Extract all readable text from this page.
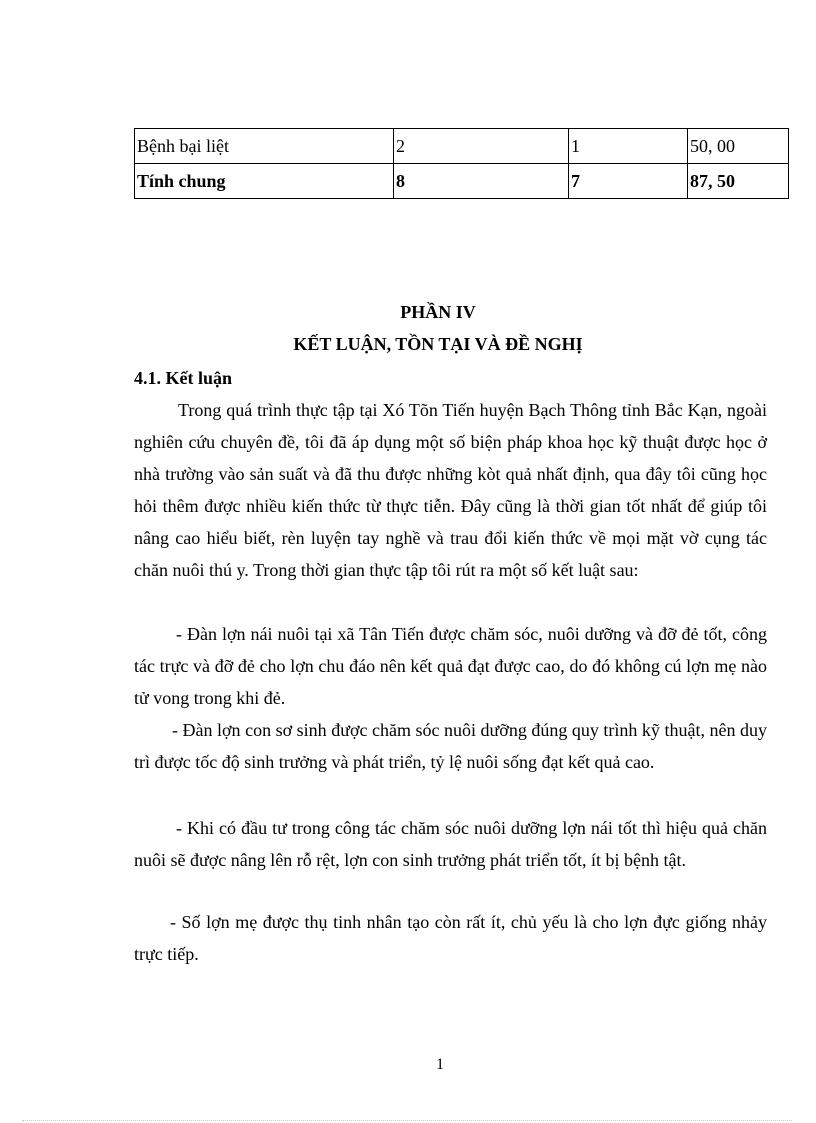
Bệnh bại liệt	2	1	50, 00
Tính chung	8	7	87, 50
PHẦN IV
KẾT LUẬN, TỒN TẠI VÀ ĐỀ NGHỊ
4.1. Kết luận
Trong quá trình thực tập tại Xó Tõn Tiến huyện Bạch Thông tỉnh Bắc Kạn, ngoài nghiên cứu chuyên đề, tôi đã áp dụng một số biện pháp khoa học kỹ thuật được học ở nhà trường vào sản suất và đã thu được những kòt quả nhất định, qua đây tôi cũng học hỏi thêm được nhiều kiến thức từ thực tiễn. Đây cũng là thời gian tốt nhất để giúp tôi nâng cao hiểu biết, rèn luyện tay nghề và trau đổi kiến thức về mọi mặt vờ cụng tác chăn nuôi thú y. Trong thời gian thực tập tôi rút ra một số kết luật sau:
- Đàn lợn nái nuôi tại xã Tân Tiến được chăm sóc, nuôi dưỡng và đỡ đẻ tốt, công tác trực và đỡ đẻ cho lợn chu đáo nên kết quả đạt được cao, do đó không cú lợn mẹ nào tử vong trong khi đẻ.
- Đàn lợn con sơ sinh được chăm sóc nuôi dưỡng đúng quy trình kỹ thuật, nên duy trì được tốc độ sinh trưởng và phát triển, tỷ lệ nuôi sống đạt kết quả cao.
- Khi có đầu tư trong công tác chăm sóc nuôi dưỡng lợn nái tốt thì hiệu quả chăn nuôi sẽ được nâng lên rỗ rệt, lợn con sinh trưởng phát triển tốt, ít bị bệnh tật.
- Số lợn mẹ được thụ tinh nhân tạo còn rất ít, chủ yếu là cho lợn đực giống nhảy trực tiếp.
1
